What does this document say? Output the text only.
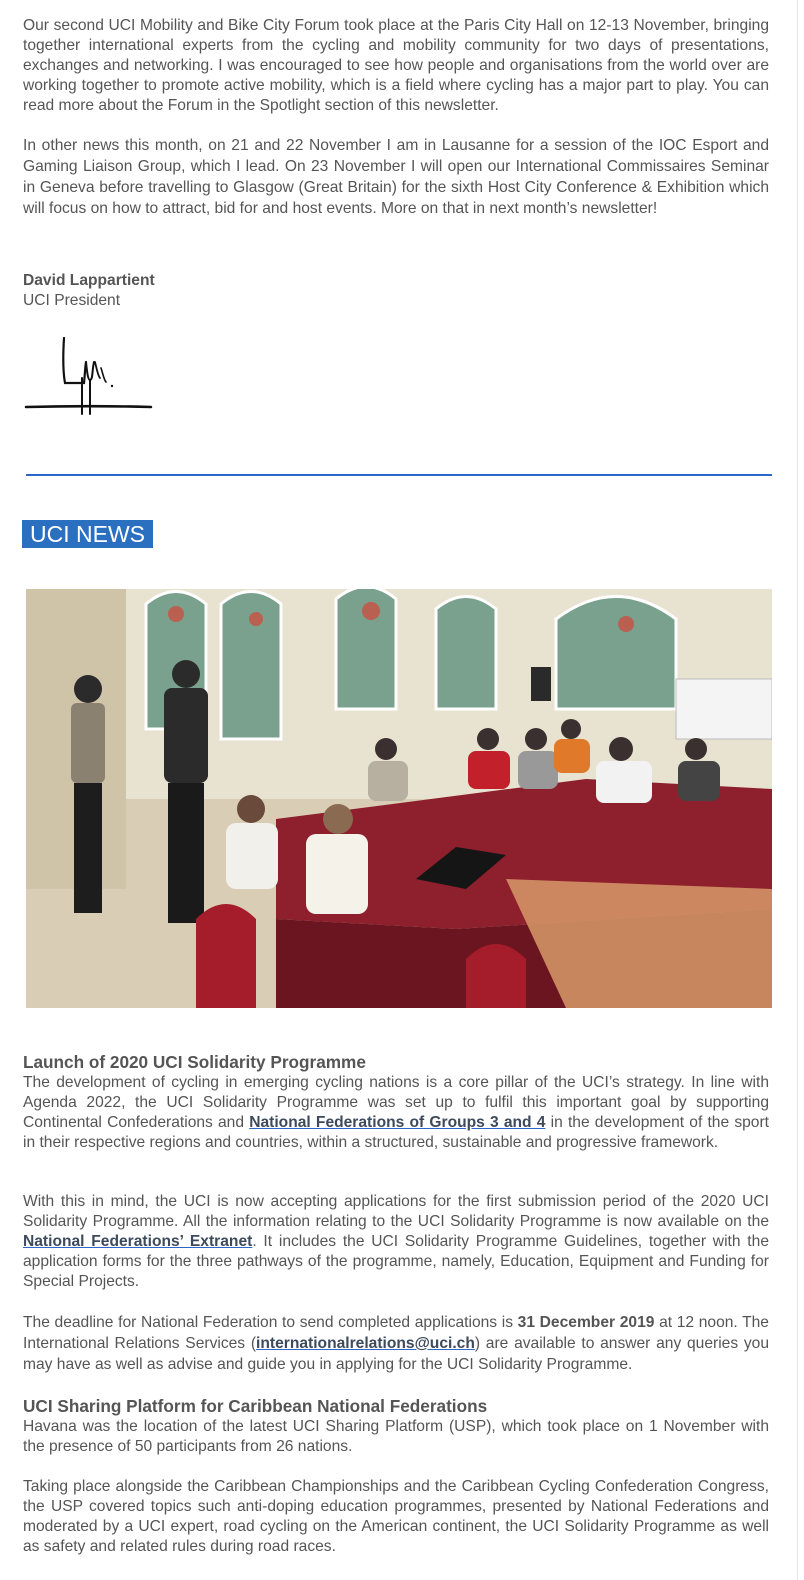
Our second UCI Mobility and Bike City Forum took place at the Paris City Hall on 12-13 November, bringing together international experts from the cycling and mobility community for two days of presentations, exchanges and networking. I was encouraged to see how people and organisations from the world over are working together to promote active mobility, which is a field where cycling has a major part to play. You can read more about the Forum in the Spotlight section of this newsletter.

In other news this month, on 21 and 22 November I am in Lausanne for a session of the IOC Esport and Gaming Liaison Group, which I lead. On 23 November I will open our International Commissaires Seminar in Geneva before travelling to Glasgow (Great Britain) for the sixth Host City Conference & Exhibition which will focus on how to attract, bid for and host events. More on that in next month’s newsletter!

David Lappartient
UCI President
UCI NEWS
Launch of 2020 UCI Solidarity Programme

The development of cycling in emerging cycling nations is a core pillar of the UCI’s strategy. In line with Agenda 2022, the UCI Solidarity Programme was set up to fulfil this important goal by supporting Continental Confederations and National Federations of Groups 3 and 4 in the development of the sport in their respective regions and countries, within a structured, sustainable and progressive framework.

With this in mind, the UCI is now accepting applications for the first submission period of the 2020 UCI Solidarity Programme. All the information relating to the UCI Solidarity Programme is now available on the National Federations’ Extranet. It includes the UCI Solidarity Programme Guidelines, together with the application forms for the three pathways of the programme, namely, Education, Equipment and Funding for Special Projects.

The deadline for National Federation to send completed applications is 31 December 2019 at 12 noon. The International Relations Services (internationalrelations@uci.ch) are available to answer any queries you may have as well as advise and guide you in applying for the UCI Solidarity Programme.

UCI Sharing Platform for Caribbean National Federations

Havana was the location of the latest UCI Sharing Platform (USP), which took place on 1 November with the presence of 50 participants from 26 nations.

Taking place alongside the Caribbean Championships and the Caribbean Cycling Confederation Congress, the USP covered topics such anti-doping education programmes, presented by National Federations and moderated by a UCI expert, road cycling on the American continent, the UCI Solidarity Programme as well as safety and related rules during road races.
